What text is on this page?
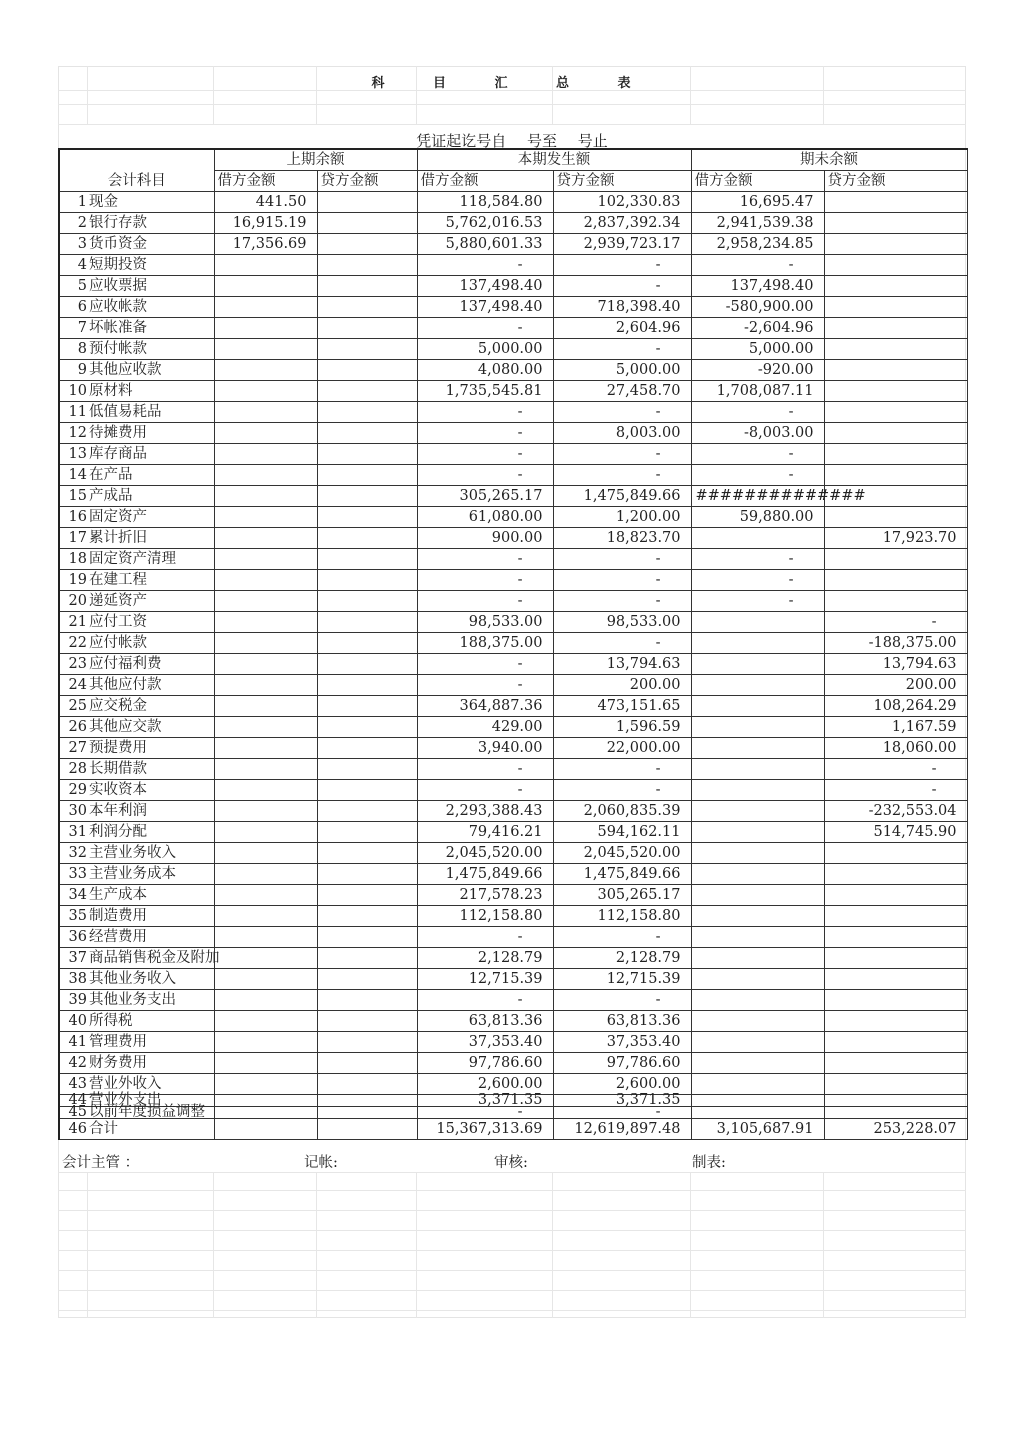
科 目 汇 总 表
凭证起讫号自 号至 号止
		上期余额		本期发生额		期未余额	
会计科目		借方金额	贷方金额	借方金额	贷方金额	借方金额	贷方金额
1	现金	441.50		118,584.80	102,330.83	16,695.47	
2	银行存款	16,915.19		5,762,016.53	2,837,392.34	2,941,539.38	
3	货币资金	17,356.69		5,880,601.33	2,939,723.17	2,958,234.85	
4	短期投资			-	-	-	
5	应收票据			137,498.40	-	137,498.40	
6	应收帐款			137,498.40	718,398.40	-580,900.00	
7	坏帐准备			-	2,604.96	-2,604.96	
8	预付帐款			5,000.00	-	5,000.00	
9	其他应收款			4,080.00	5,000.00	-920.00	
10	原材料			1,735,545.81	27,458.70	1,708,087.11	
11	低值易耗品			-	-	-	
12	待摊费用			-	8,003.00	-8,003.00	
13	库存商品			-	-	-	
14	在产品			-	-	-	
15	产成品			305,265.17	1,475,849.66	##############	
16	固定资产			61,080.00	1,200.00	59,880.00	
17	累计折旧			900.00	18,823.70		17,923.70
18	固定资产清理			-	-	-	
19	在建工程			-	-	-	
20	递延资产			-	-	-	
21	应付工资			98,533.00	98,533.00		-
22	应付帐款			188,375.00	-		-188,375.00
23	应付福利费			-	13,794.63		13,794.63
24	其他应付款			-	200.00		200.00
25	应交税金			364,887.36	473,151.65		108,264.29
26	其他应交款			429.00	1,596.59		1,167.59
27	预提费用			3,940.00	22,000.00		18,060.00
28	长期借款			-	-		-
29	实收资本			-	-		-
30	本年利润			2,293,388.43	2,060,835.39		-232,553.04
31	利润分配			79,416.21	594,162.11		514,745.90
32	主营业务收入			2,045,520.00	2,045,520.00		
33	主营业务成本			1,475,849.66	1,475,849.66		
34	生产成本			217,578.23	305,265.17		
35	制造费用			112,158.80	112,158.80		
36	经营费用			-	-		
37	商品销售税金及附加			2,128.79	2,128.79		
38	其他业务收入			12,715.39	12,715.39		
39	其他业务支出			-	-		
40	所得税			63,813.36	63,813.36		
41	管理费用			37,353.40	37,353.40		
42	财务费用			97,786.60	97,786.60		
43	营业外收入			2,600.00	2,600.00		
44	营业外支出			3,371.35	3,371.35		
45	以前年度损益调整			-	-		
46	合计			15,367,313.69	12,619,897.48	3,105,687.91	253,228.07
会计主管 ：	记帐:	审核:	制表:
